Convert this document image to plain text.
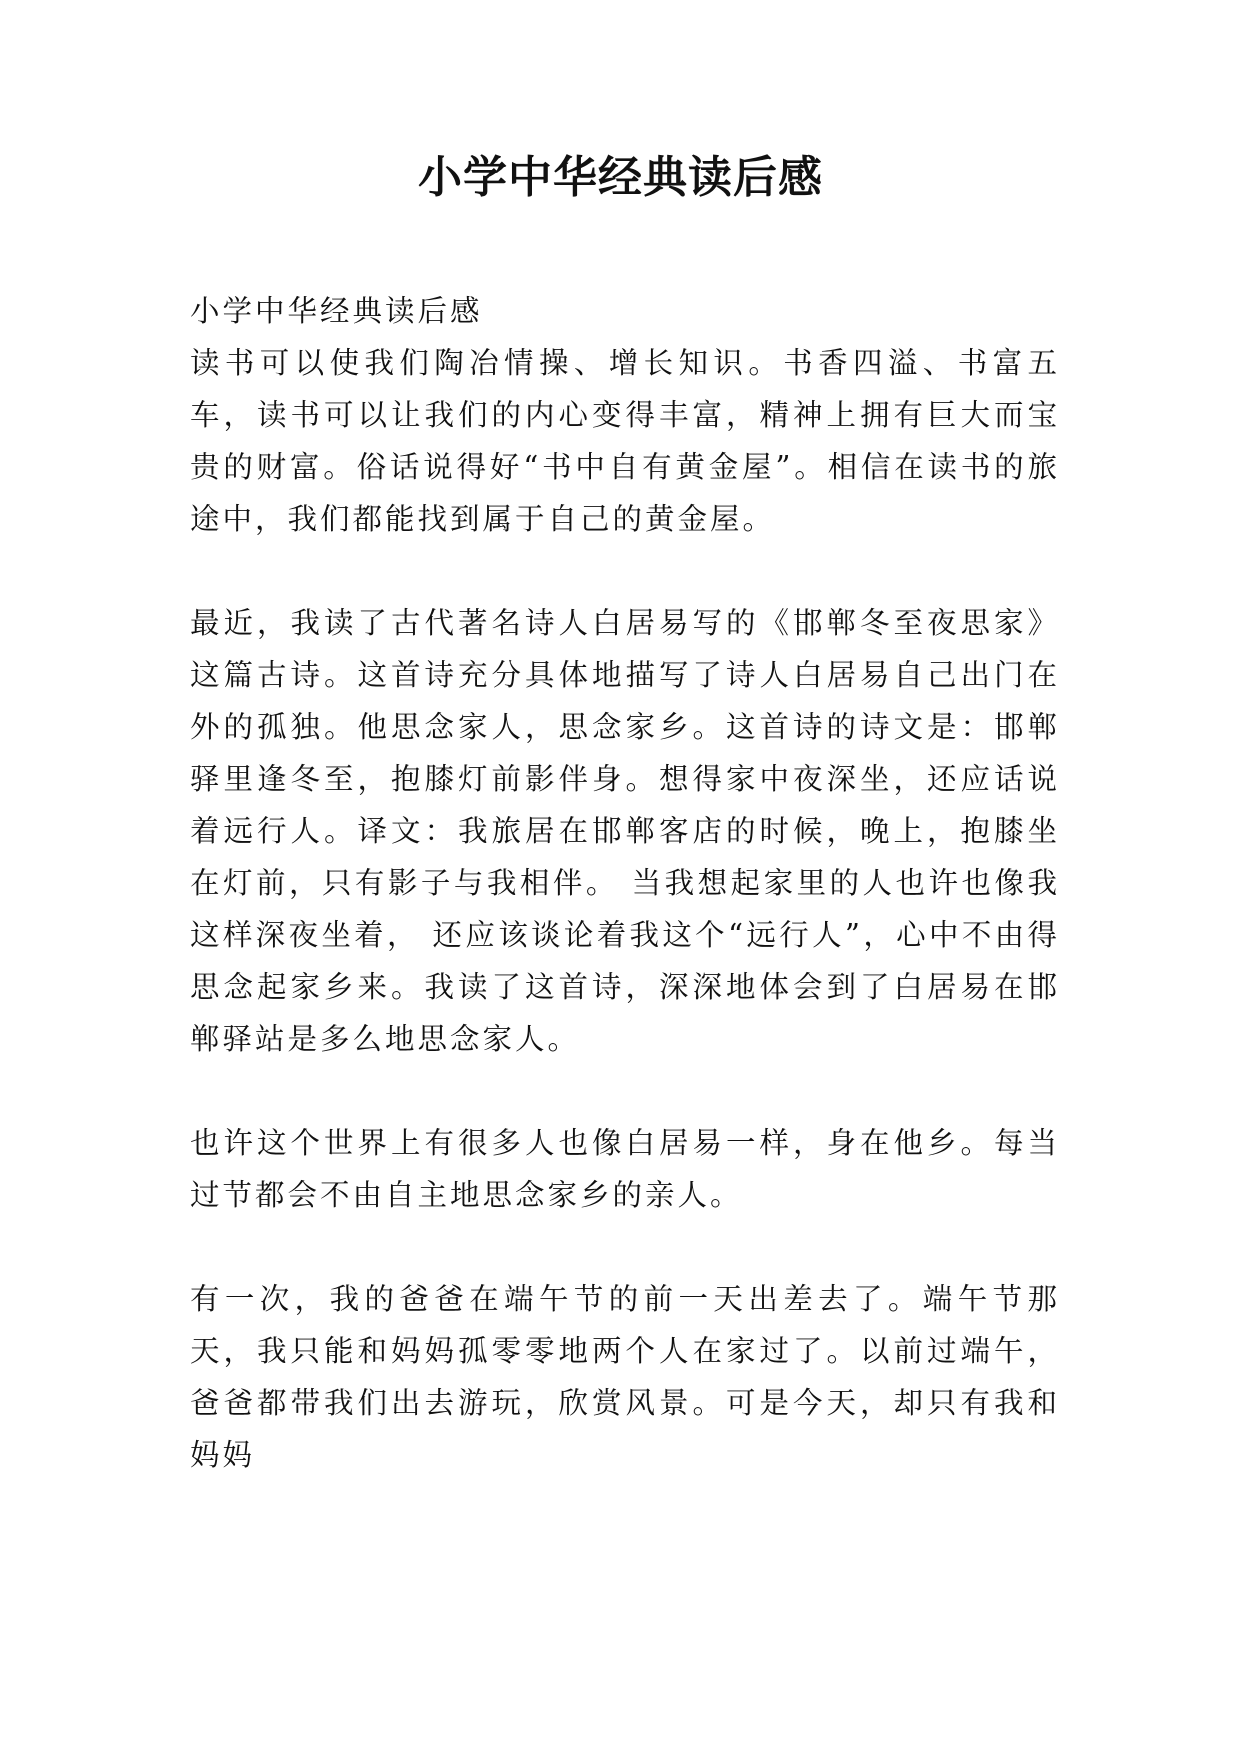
小学中华经典读后感

小学中华经典读后感

读书可以使我们陶冶情操、增长知识。书香四溢、书富五车，读书可以让我们的内心变得丰富，精神上拥有巨大而宝贵的财富。俗话说得好“书中自有黄金屋”。相信在读书的旅途中，我们都能找到属于自己的黄金屋。

最近，我读了古代著名诗人白居易写的《邯郸冬至夜思家》这篇古诗。这首诗充分具体地描写了诗人白居易自己出门在外的孤独。他思念家人，思念家乡。这首诗的诗文是：邯郸驿里逢冬至，抱膝灯前影伴身。想得家中夜深坐，还应话说着远行人。译文：我旅居在邯郸客店的时候，晚上，抱膝坐在灯前，只有影子与我相伴。 当我想起家里的人也许也像我这样深夜坐着， 还应该谈论着我这个“远行人”，心中不由得思念起家乡来。我读了这首诗，深深地体会到了白居易在邯郸驿站是多么地思念家人。

也许这个世界上有很多人也像白居易一样，身在他乡。每当过节都会不由自主地思念家乡的亲人。

有一次，我的爸爸在端午节的前一天出差去了。端午节那天，我只能和妈妈孤零零地两个人在家过了。以前过端午，爸爸都带我们出去游玩，欣赏风景。可是今天，却只有我和妈妈
